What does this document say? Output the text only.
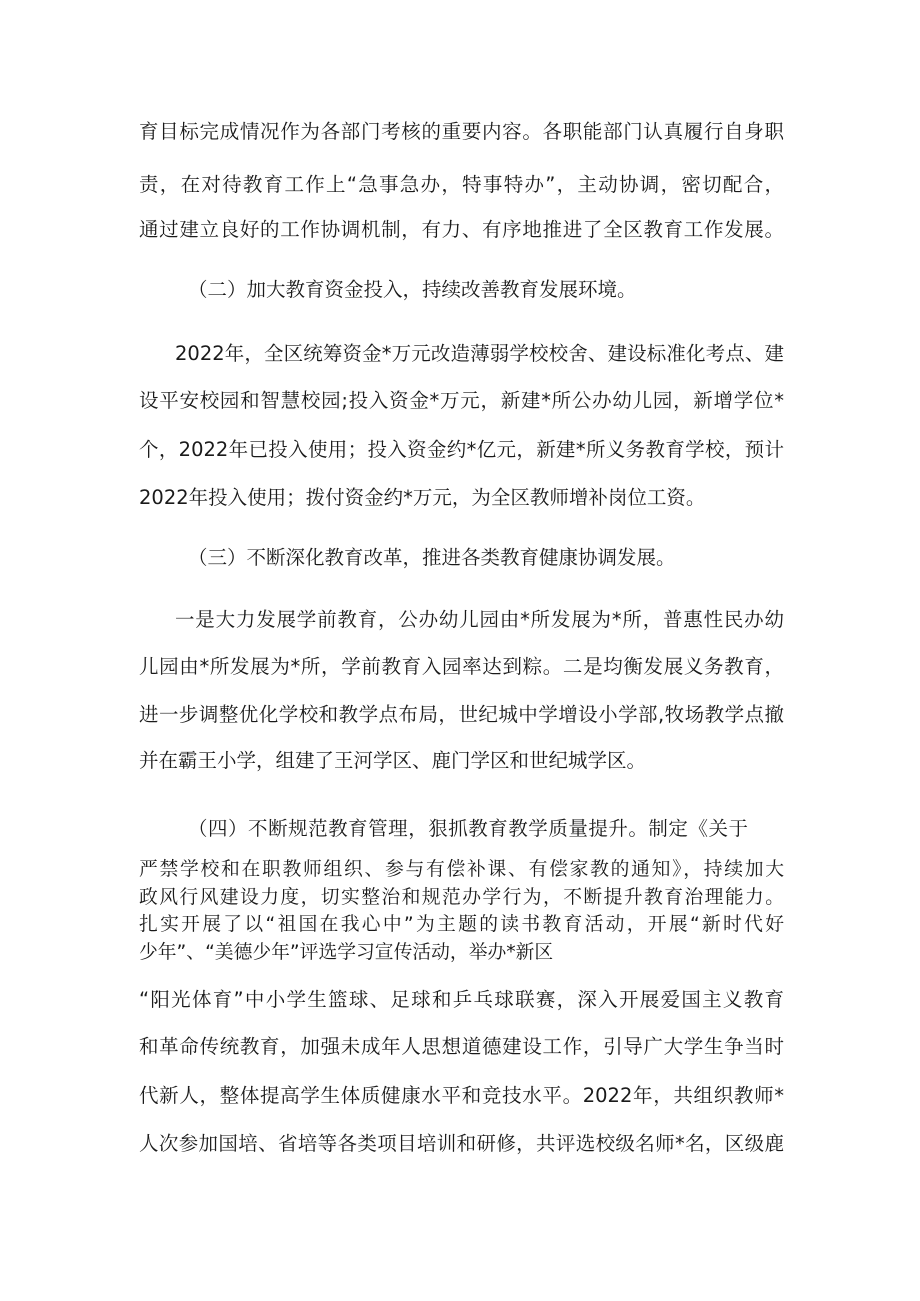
育目标完成情况作为各部门考核的重要内容。各职能部门认真履行自身职
责，在对待教育工作上“急事急办，特事特办”，主动协调，密切配合，
通过建立良好的工作协调机制，有力、有序地推进了全区教育工作发展。
（二）加大教育资金投入，持续改善教育发展环境。
2022年，全区统筹资金*万元改造薄弱学校校舍、建设标准化考点、建
设平安校园和智慧校园;投入资金*万元，新建*所公办幼儿园，新增学位*
个，2022年已投入使用；投入资金约*亿元，新建*所义务教育学校，预计
2022年投入使用；拨付资金约*万元，为全区教师增补岗位工资。
（三）不断深化教育改革，推进各类教育健康协调发展。
一是大力发展学前教育，公办幼儿园由*所发展为*所，普惠性民办幼
儿园由*所发展为*所，学前教育入园率达到粽。二是均衡发展义务教育，
进一步调整优化学校和教学点布局，世纪城中学增设小学部,牧场教学点撤
并在霸王小学，组建了王河学区、鹿门学区和世纪城学区。
（四）不断规范教育管理，狠抓教育教学质量提升。制定《关于
严禁学校和在职教师组织、参与有偿补课、有偿家教的通知》，持续加大
政风行风建设力度，切实整治和规范办学行为，不断提升教育治理能力。
扎实开展了以“祖国在我心中”为主题的读书教育活动，开展“新时代好
少年”、“美德少年”评选学习宣传活动，举办*新区
“阳光体育”中小学生篮球、足球和乒乓球联赛，深入开展爱国主义教育
和革命传统教育，加强未成年人思想道德建设工作，引导广大学生争当时
代新人，整体提高学生体质健康水平和竞技水平。2022年，共组织教师*
人次参加国培、省培等各类项目培训和研修，共评选校级名师*名，区级鹿
